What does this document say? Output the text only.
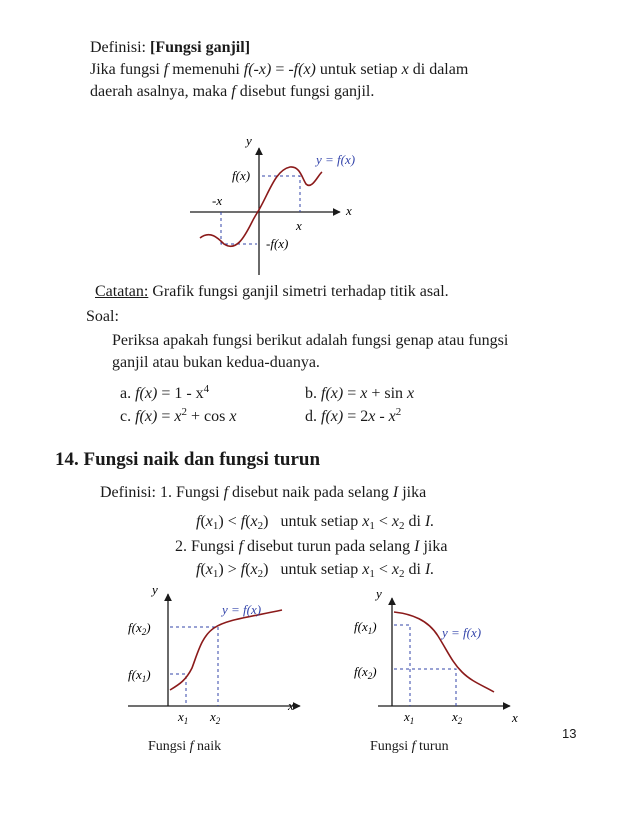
Definisi: [Fungsi ganjil]
Jika fungsi f memenuhi f(-x) = -f(x) untuk setiap x di dalam
daerah asalnya, maka f disebut fungsi ganjil.
y
x
f(x)
-x
x
-f(x)
y = f(x)
Catatan: Grafik fungsi ganjil simetri terhadap titik asal.
Soal:
Periksa apakah fungsi berikut adalah fungsi genap atau fungsi
ganjil atau bukan kedua-duanya.
a. $f(x) = 1 - x^4$	b. f(x) = x + sin x
c. $f(x) = x^2 + \cos x$	d. $f(x) = 2x - x^2$
14. Fungsi naik dan fungsi turun
Definisi: 1. Fungsi f disebut naik pada selang I jika
$f(x_1) < f(x_2)$   untuk setiap $x_1 < x_2$ di I.
2. Fungsi f disebut turun pada selang I jika
$f(x_1) > f(x_2)$   untuk setiap $x_1 < x_2$ di I.
y
x
y = f(x)
$f(x_2)$
$f(x_1)$
$x_1$ $x_2$
Fungsi f naik
y
x
y = f(x)
$f(x_1)$
$f(x_2)$
$x_1$	$x_2$
Fungsi f turun
13
